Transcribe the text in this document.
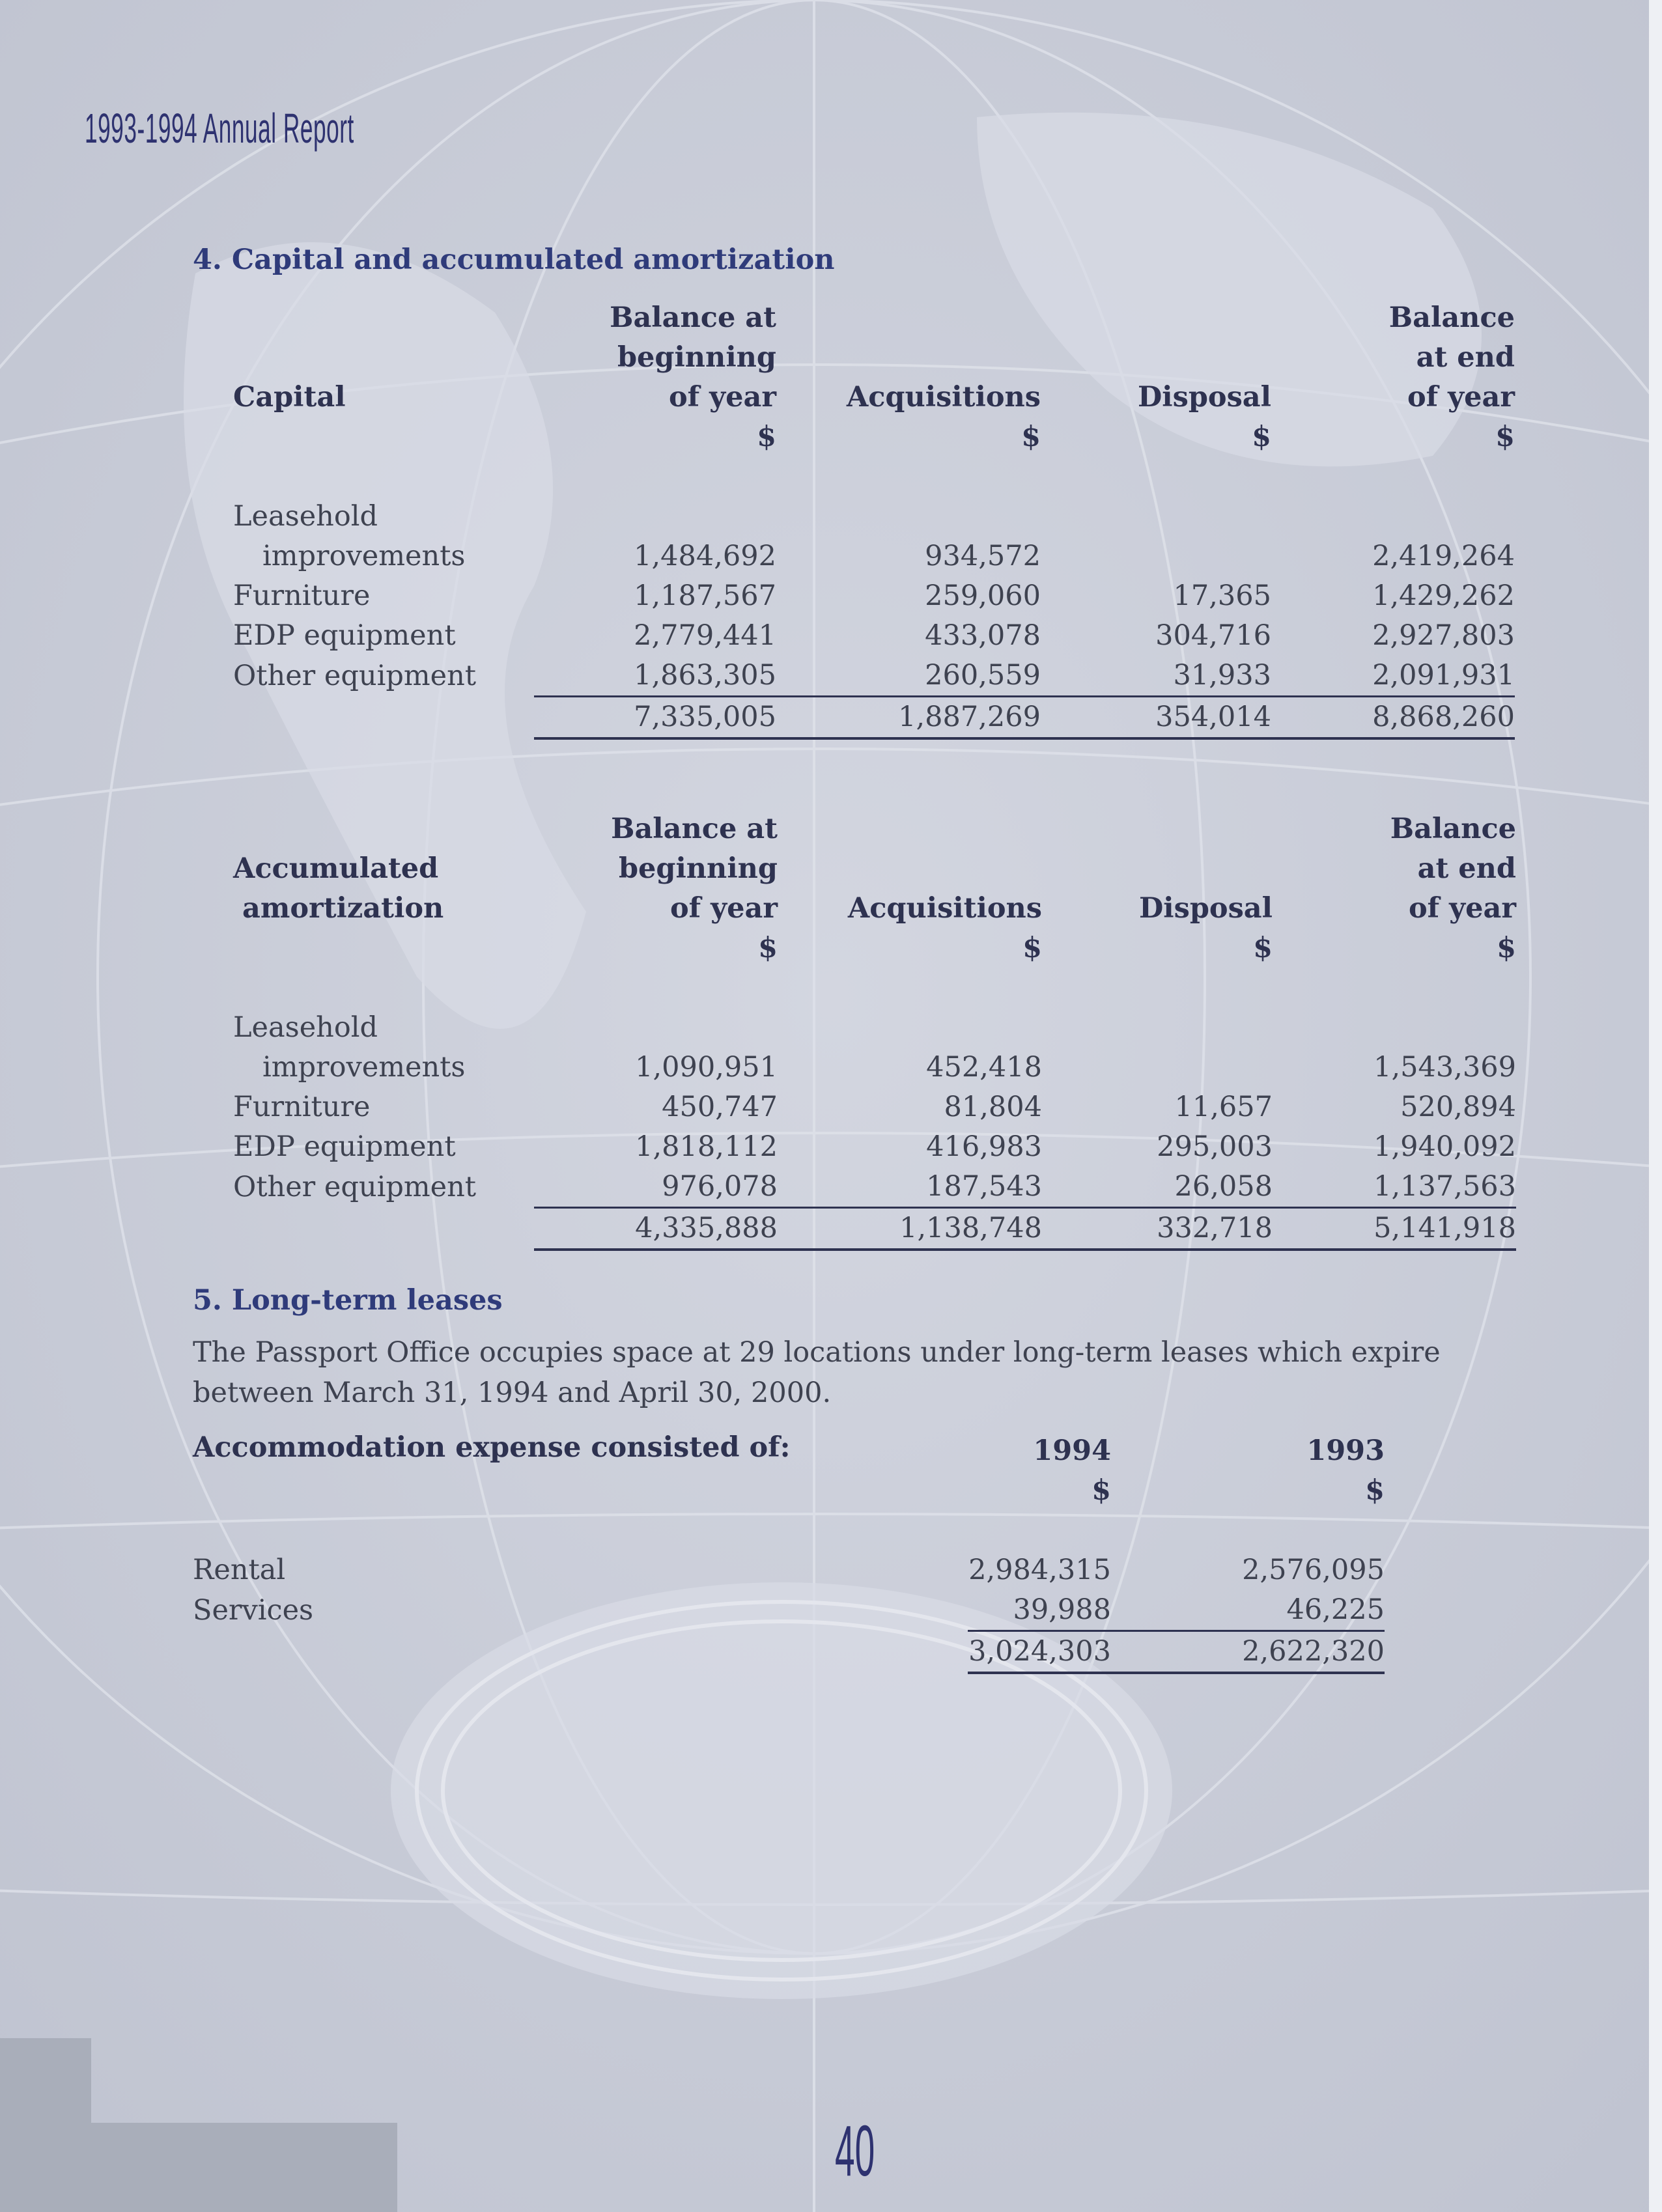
1993-1994 Annual Report
4. Capital and accumulated amortization
	Balance at						Balance
	beginning						at end
Capital	of year		Acquisitions		Disposal		of year
	$		$		$		$

Leasehold							
improvements	1,484,692		934,572				2,419,264
Furniture	1,187,567		259,060		17,365		1,429,262
EDP equipment	2,779,441		433,078		304,716		2,927,803
Other equipment	1,863,305		260,559		31,933		2,091,931
	7,335,005		1,887,269		354,014		8,868,260
	Balance at						Balance
Accumulated	beginning						at end
amortization	of year		Acquisitions		Disposal		of year
	$		$		$		$

Leasehold							
improvements	1,090,951		452,418				1,543,369
Furniture	450,747		81,804		11,657		520,894
EDP equipment	1,818,112		416,983		295,003		1,940,092
Other equipment	976,078		187,543		26,058		1,137,563
	4,335,888		1,138,748		332,718		5,141,918
5. Long-term leases
The Passport Office occupies space at 29 locations under long-term leases which expire between March 31, 1994 and April 30, 2000.
Accommodation expense consisted of:
		1994		1993
	$		$

Rental	2,984,315		2,576,095
Services	39,988		46,225
	3,024,303		2,622,320
40
